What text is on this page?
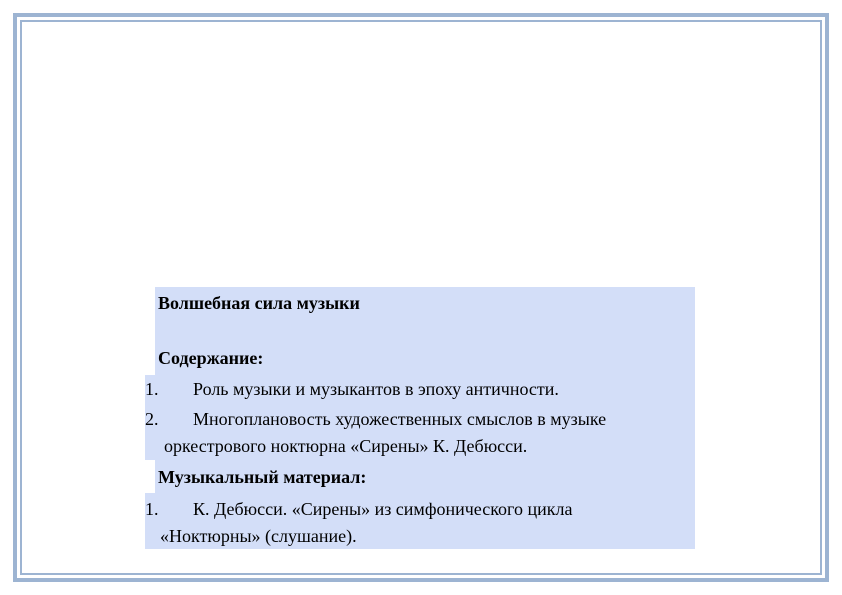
Волшебная сила музыки
Содержание:
1. Роль музыки и музыкантов в эпоху античности.
2. Многоплановость художественных смыслов в музыке
оркестрового ноктюрна «Сирены» К. Дебюсси.
Музыкальный материал:
1. К. Дебюсси. «Сирены» из симфонического цикла
«Ноктюрны» (слушание).
